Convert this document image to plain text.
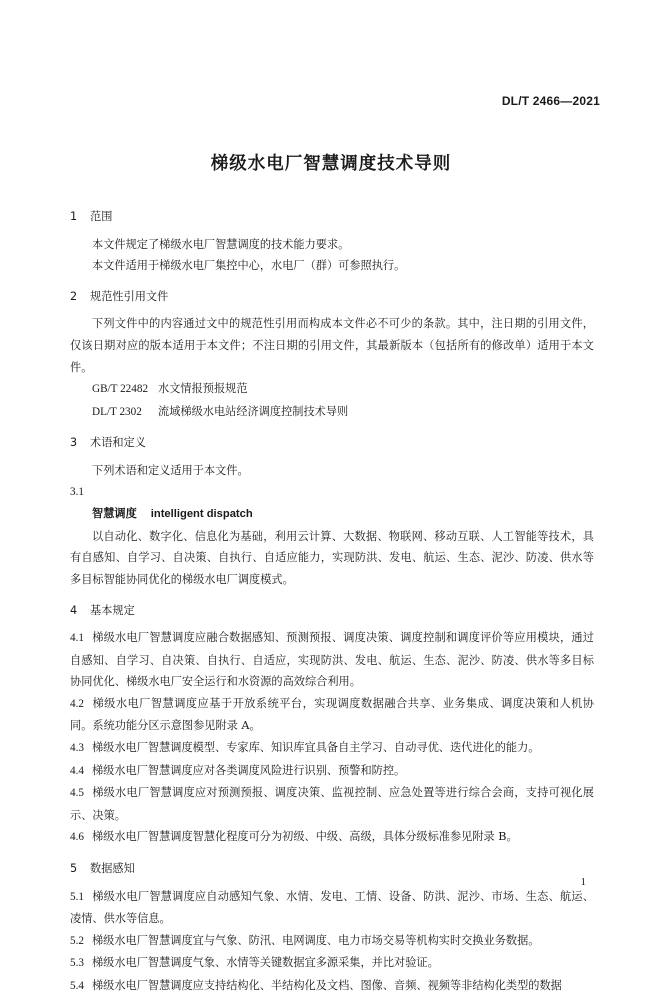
DL/T 2466—2021
梯级水电厂智慧调度技术导则

1 范围

本文件规定了梯级水电厂智慧调度的技术能力要求。

本文件适用于梯级水电厂集控中心，水电厂（群）可参照执行。

2 规范性引用文件

下列文件中的内容通过文中的规范性引用而构成本文件必不可少的条款。其中，注日期的引用文件，仅该日期对应的版本适用于本文件；不注日期的引用文件，其最新版本（包括所有的修改单）适用于本文件。

GB/T 22482 水文情报预报规范

DL/T 2302 流域梯级水电站经济调度控制技术导则

3 术语和定义

下列术语和定义适用于本文件。

3.1

智慧调度 intelligent dispatch

以自动化、数字化、信息化为基础，利用云计算、大数据、物联网、移动互联、人工智能等技术，具有自感知、自学习、自决策、自执行、自适应能力，实现防洪、发电、航运、生态、泥沙、防凌、供水等多目标智能协同优化的梯级水电厂调度模式。

4 基本规定

4.1 梯级水电厂智慧调度应融合数据感知、预测预报、调度决策、调度控制和调度评价等应用模块，通过自感知、自学习、自决策、自执行、自适应，实现防洪、发电、航运、生态、泥沙、防凌、供水等多目标协同优化、梯级水电厂安全运行和水资源的高效综合利用。

4.2 梯级水电厂智慧调度应基于开放系统平台，实现调度数据融合共享、业务集成、调度决策和人机协同。系统功能分区示意图参见附录 A。

4.3 梯级水电厂智慧调度模型、专家库、知识库宜具备自主学习、自动寻优、迭代进化的能力。

4.4 梯级水电厂智慧调度应对各类调度风险进行识别、预警和防控。

4.5 梯级水电厂智慧调度应对预测预报、调度决策、监视控制、应急处置等进行综合会商，支持可视化展示、决策。

4.6 梯级水电厂智慧调度智慧化程度可分为初级、中级、高级，具体分级标准参见附录 B。

5 数据感知

5.1 梯级水电厂智慧调度应自动感知气象、水情、发电、工情、设备、防洪、泥沙、市场、生态、航运、凌情、供水等信息。

5.2 梯级水电厂智慧调度宜与气象、防汛、电网调度、电力市场交易等机构实时交换业务数据。

5.3 梯级水电厂智慧调度气象、水情等关键数据宜多源采集，并比对验证。

5.4 梯级水电厂智慧调度应支持结构化、半结构化及文档、图像、音频、视频等非结构化类型的数据

1
